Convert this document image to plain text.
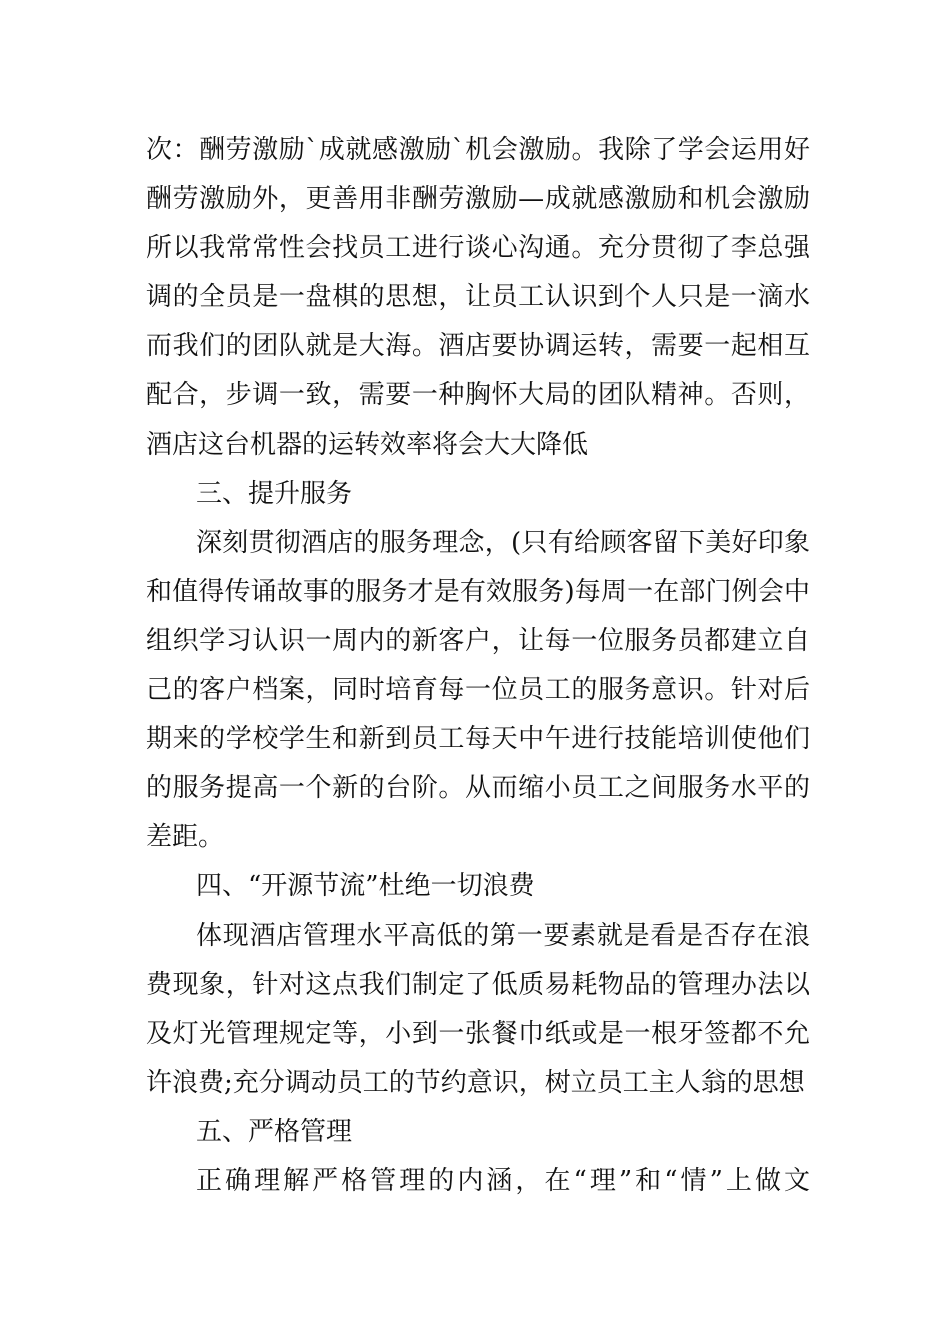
次：酬劳激励`成就感激励`机会激励。我除了学会运用好
酬劳激励外，更善用非酬劳激励—成就感激励和机会激励
所以我常常性会找员工进行谈心沟通。充分贯彻了李总强
调的全员是一盘棋的思想，让员工认识到个人只是一滴水
而我们的团队就是大海。酒店要协调运转，需要一起相互
配合，步调一致，需要一种胸怀大局的团队精神。否则，
酒店这台机器的运转效率将会大大降低
三、提升服务
深刻贯彻酒店的服务理念，(只有给顾客留下美好印象
和值得传诵故事的服务才是有效服务)每周一在部门例会中
组织学习认识一周内的新客户，让每一位服务员都建立自
己的客户档案，同时培育每一位员工的服务意识。针对后
期来的学校学生和新到员工每天中午进行技能培训使他们
的服务提高一个新的台阶。从而缩小员工之间服务水平的
差距。
四、“开源节流”杜绝一切浪费
体现酒店管理水平高低的第一要素就是看是否存在浪
费现象，针对这点我们制定了低质易耗物品的管理办法以
及灯光管理规定等，小到一张餐巾纸或是一根牙签都不允
许浪费;充分调动员工的节约意识，树立员工主人翁的思想
五、严格管理
正确理解严格管理的内涵，在“理”和“情”上做文
